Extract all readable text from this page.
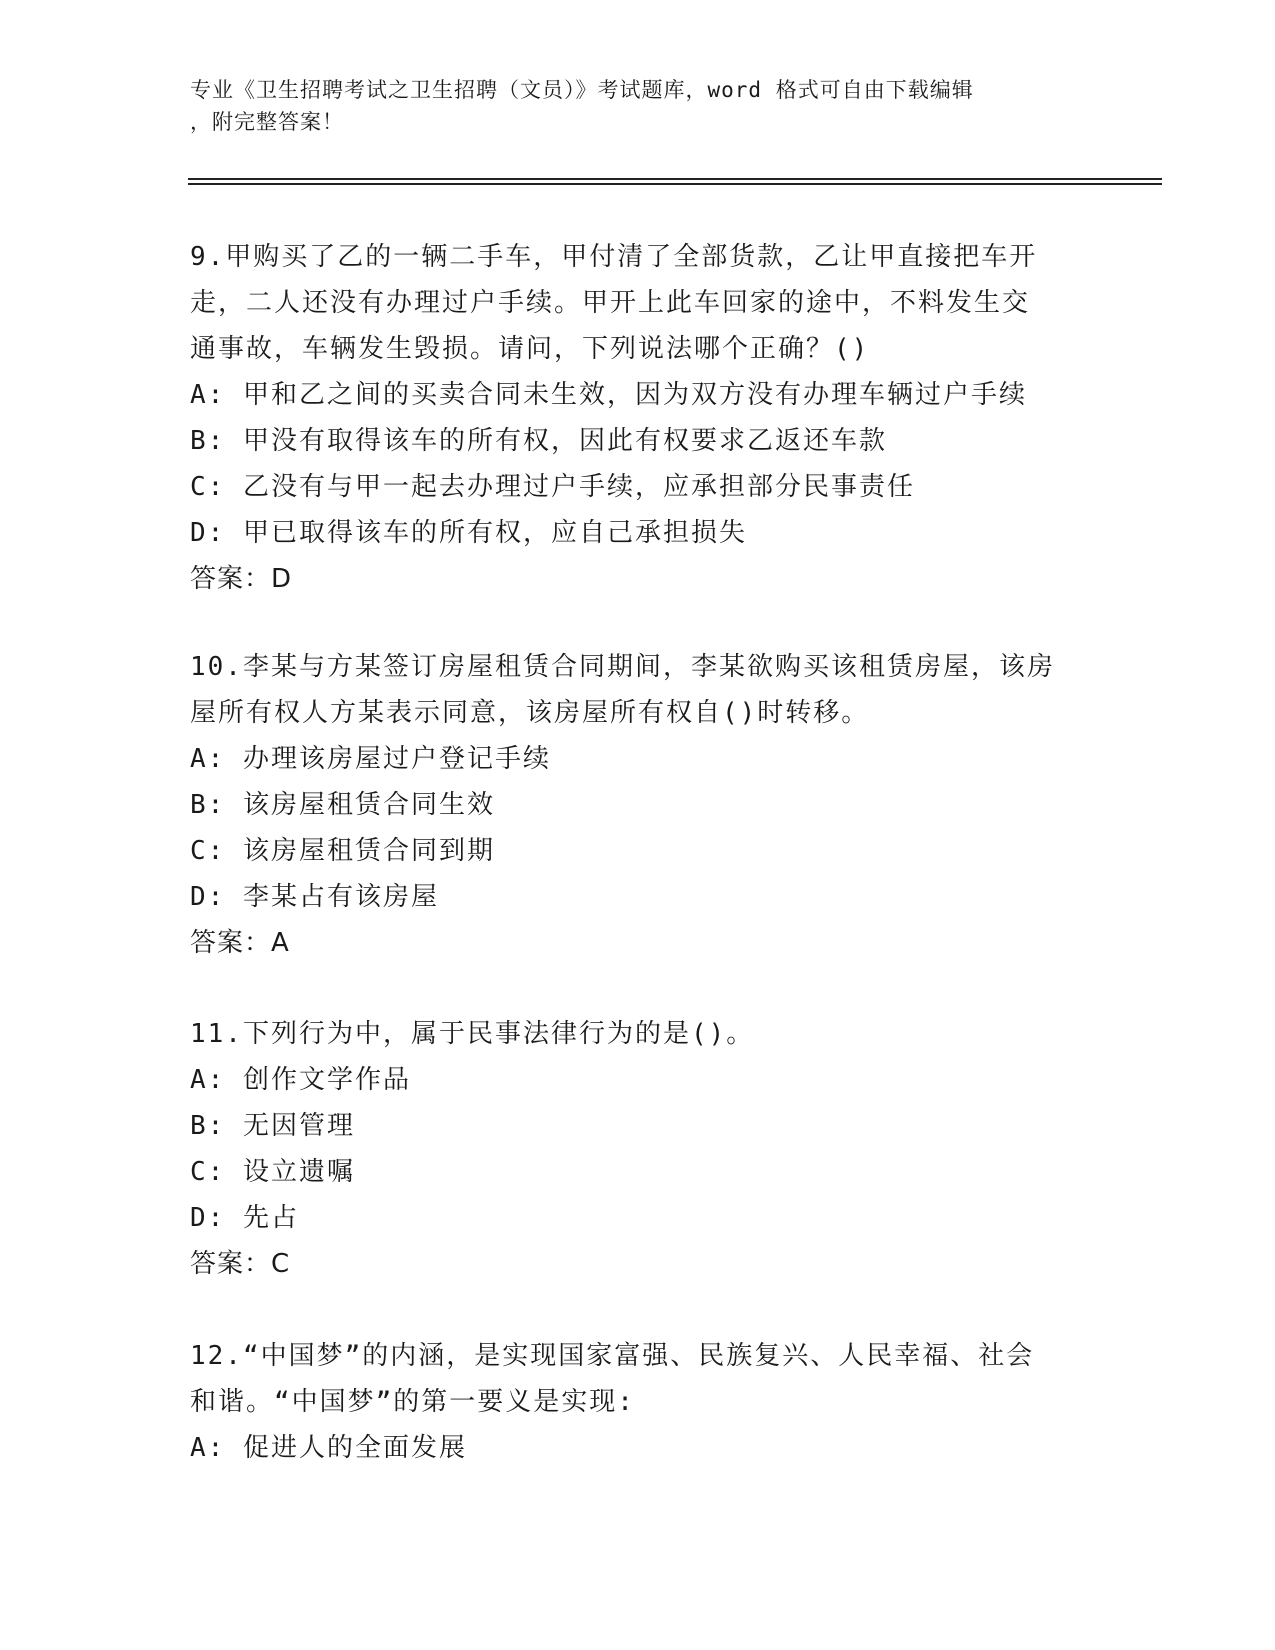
专业《卫生招聘考试之卫生招聘（文员）》考试题库，word 格式可自由下载编辑
，附完整答案！

9.甲购买了乙的一辆二手车，甲付清了全部货款，乙让甲直接把车开

走，二人还没有办理过户手续。甲开上此车回家的途中，不料发生交

通事故，车辆发生毁损。请问，下列说法哪个正确？()

A: 甲和乙之间的买卖合同未生效，因为双方没有办理车辆过户手续

B: 甲没有取得该车的所有权，因此有权要求乙返还车款

C: 乙没有与甲一起去办理过户手续，应承担部分民事责任

D: 甲已取得该车的所有权，应自己承担损失

答案：D

10.李某与方某签订房屋租赁合同期间，李某欲购买该租赁房屋，该房

屋所有权人方某表示同意，该房屋所有权自()时转移。

A: 办理该房屋过户登记手续

B: 该房屋租赁合同生效

C: 该房屋租赁合同到期

D: 李某占有该房屋

答案：A

11.下列行为中，属于民事法律行为的是()。

A: 创作文学作品

B: 无因管理

C: 设立遗嘱

D: 先占

答案：C

12.“中国梦”的内涵，是实现国家富强、民族复兴、人民幸福、社会

和谐。“中国梦”的第一要义是实现:

A: 促进人的全面发展
